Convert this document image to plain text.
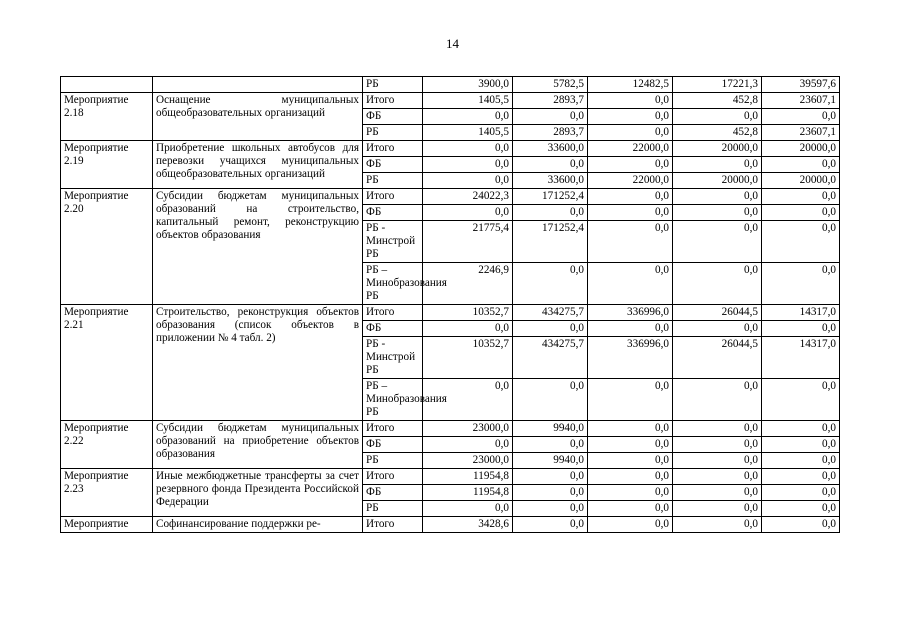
14
		РБ	3900,0	5782,5	12482,5	17221,3	39597,6
Мероприятие 2.18	Оснащение муниципальных общеобразовательных организаций	Итого	1405,5	2893,7	0,0	452,8	23607,1
		ФБ	0,0	0,0	0,0	0,0	0,0
		РБ	1405,5	2893,7	0,0	452,8	23607,1
Мероприятие 2.19	Приобретение школьных автобусов для перевозки учащихся муниципальных общеобразовательных организаций	Итого	0,0	33600,0	22000,0	20000,0	20000,0
		ФБ	0,0	0,0	0,0	0,0	0,0
		РБ	0,0	33600,0	22000,0	20000,0	20000,0
Мероприятие 2.20	Субсидии бюджетам муниципальных образований на строительство, капитальный ремонт, реконструкцию объектов образования	Итого	24022,3	171252,4	0,0	0,0	0,0
		ФБ	0,0	0,0	0,0	0,0	0,0
		РБ - Минстрой РБ	21775,4	171252,4	0,0	0,0	0,0
		РБ – Минобразования РБ	2246,9	0,0	0,0	0,0	0,0
Мероприятие 2.21	Строительство, реконструкция объектов образования (список объектов в приложении № 4 табл. 2)	Итого	10352,7	434275,7	336996,0	26044,5	14317,0
		ФБ	0,0	0,0	0,0	0,0	0,0
		РБ - Минстрой РБ	10352,7	434275,7	336996,0	26044,5	14317,0
		РБ – Минобразования РБ	0,0	0,0	0,0	0,0	0,0
Мероприятие 2.22	Субсидии бюджетам муниципальных образований на приобретение объектов образования	Итого	23000,0	9940,0	0,0	0,0	0,0
		ФБ	0,0	0,0	0,0	0,0	0,0
		РБ	23000,0	9940,0	0,0	0,0	0,0
Мероприятие 2.23	Иные межбюджетные трансферты за счет резервного фонда Президента Российской Федерации	Итого	11954,8	0,0	0,0	0,0	0,0
		ФБ	11954,8	0,0	0,0	0,0	0,0
		РБ	0,0	0,0	0,0	0,0	0,0
Мероприятие	Софинансирование поддержки ре-	Итого	3428,6	0,0	0,0	0,0	0,0
